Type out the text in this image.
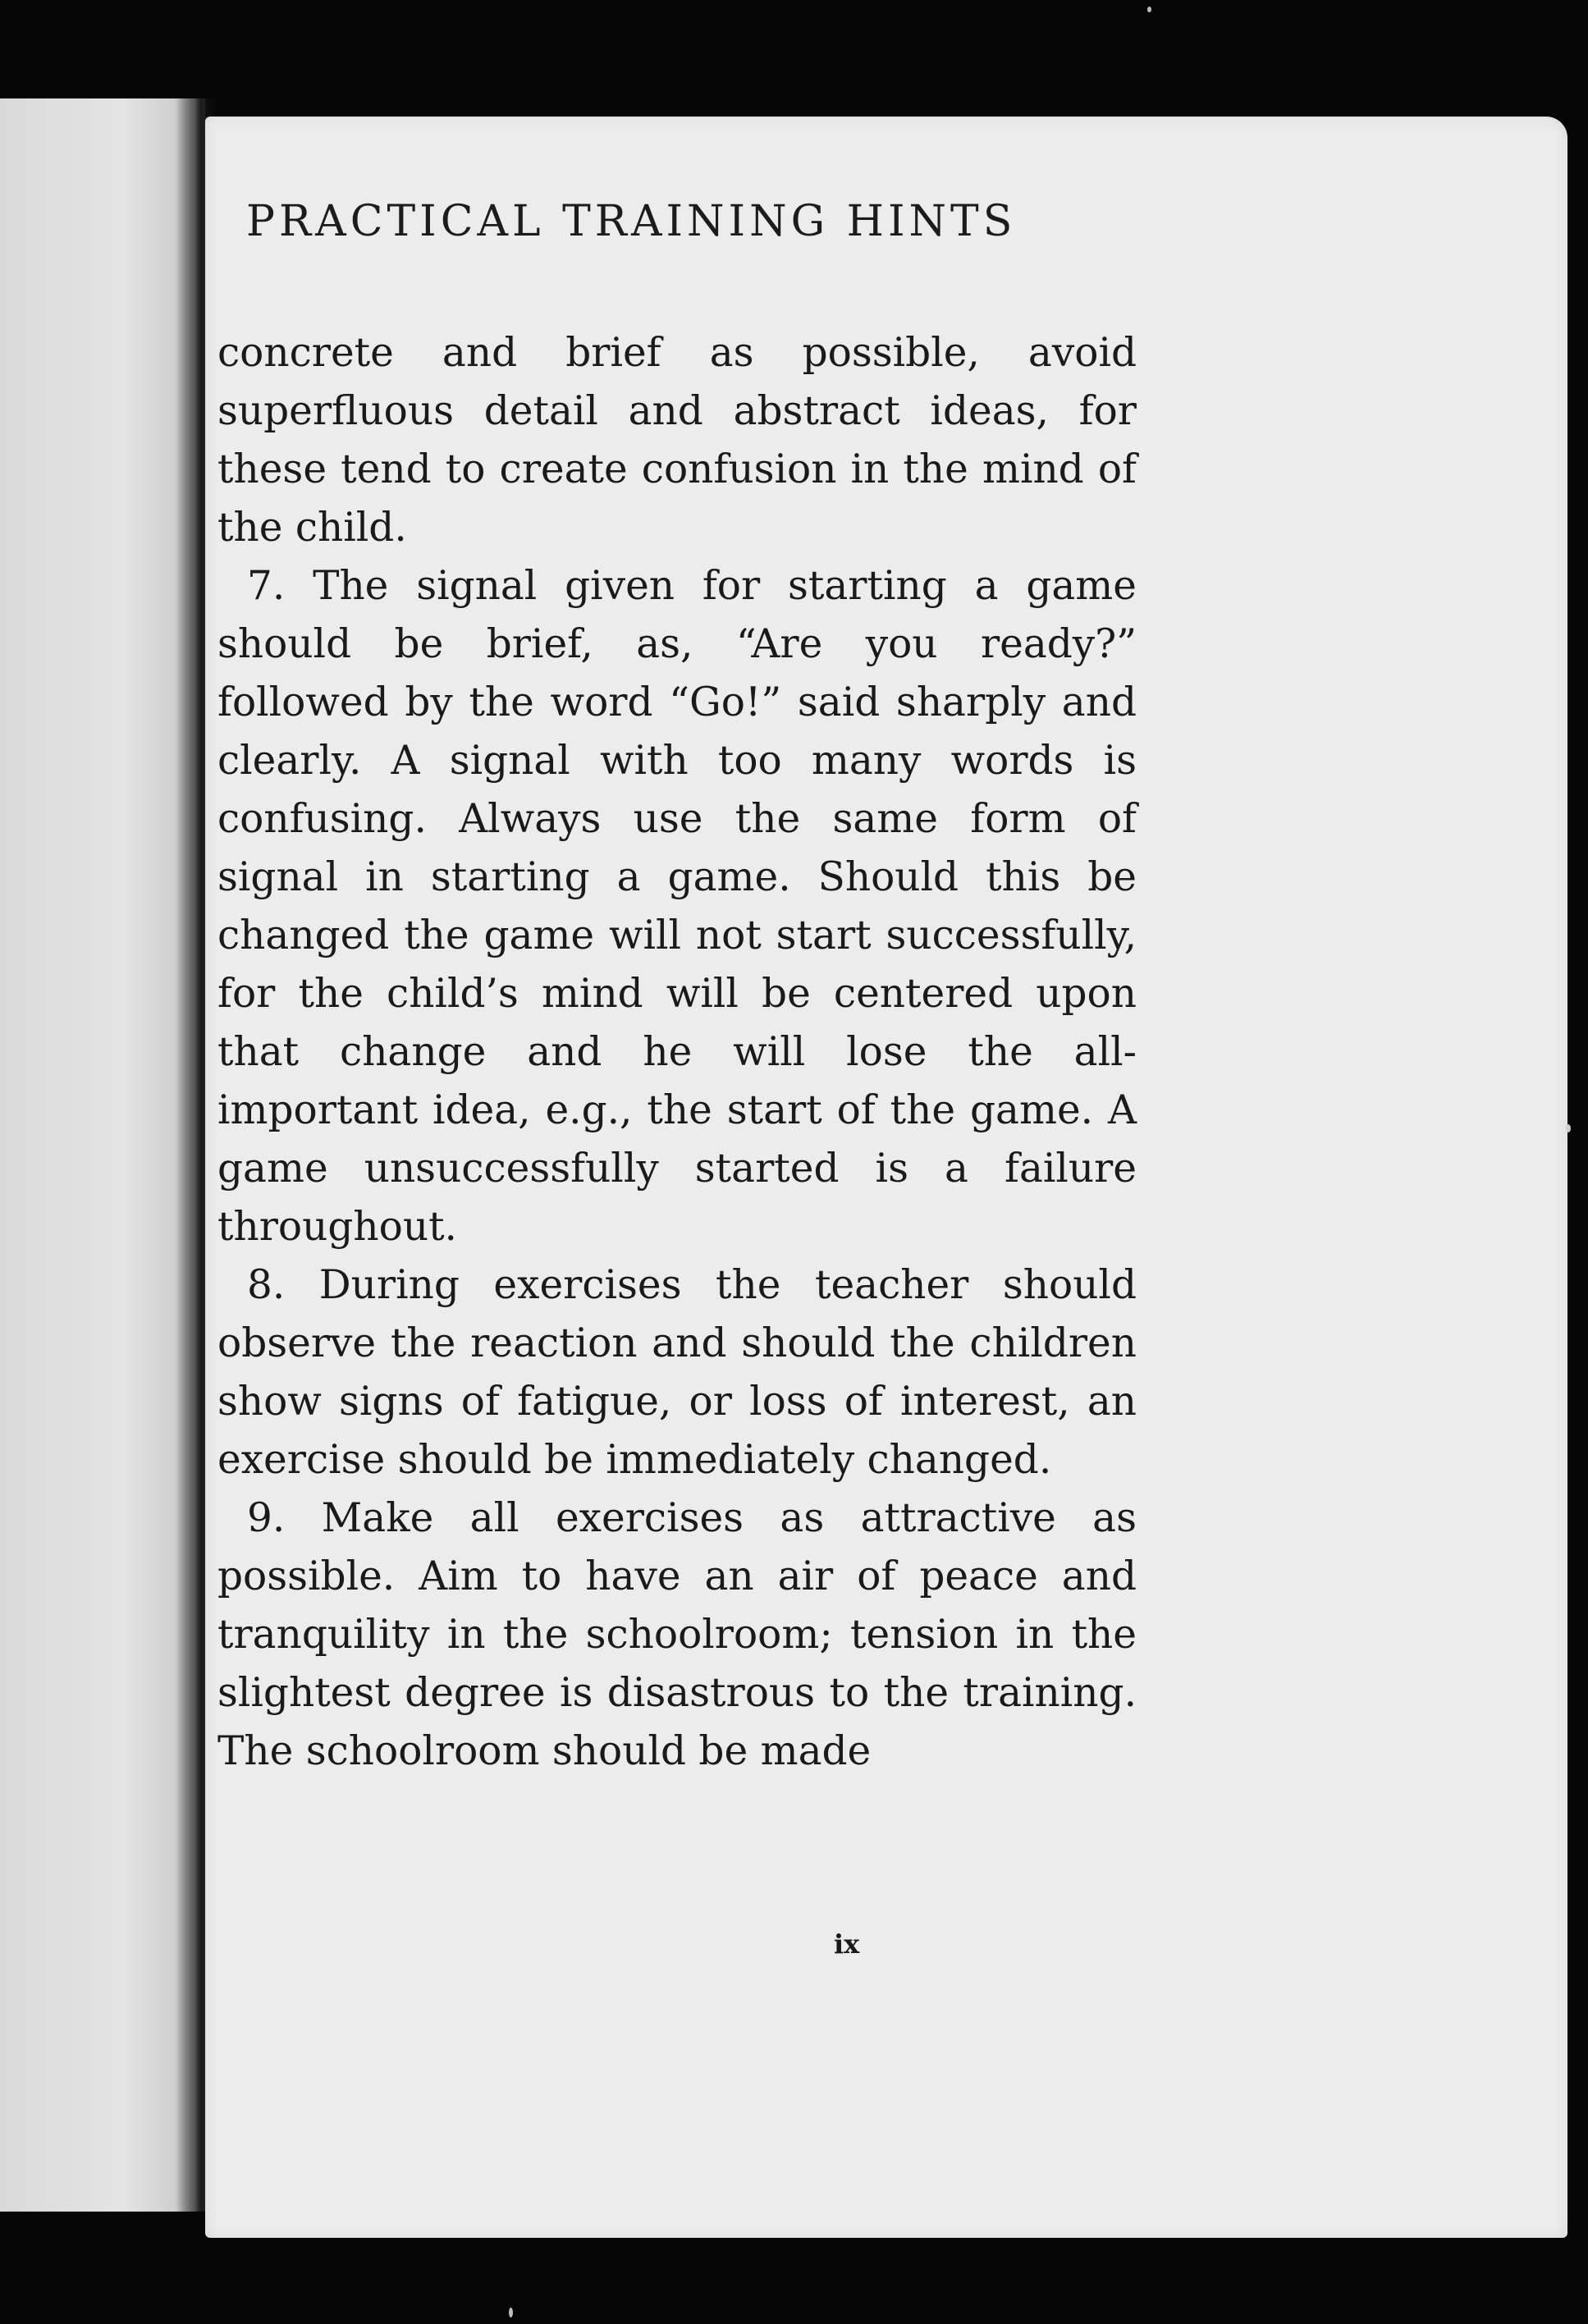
PRACTICAL TRAINING HINTS

concrete and brief as possible, avoid superfluous detail and abstract ideas, for these tend to create confusion in the mind of the child.

7. The signal given for starting a game should be brief, as, “Are you ready?” followed by the word “Go!” said sharply and clearly. A signal with too many words is confusing. Always use the same form of signal in starting a game. Should this be changed the game will not start successfully, for the child’s mind will be centered upon that change and he will lose the all-important idea, e.g., the start of the game. A game unsuccessfully started is a failure throughout.

8. During exercises the teacher should observe the reaction and should the children show signs of fatigue, or loss of interest, an exercise should be immediately changed.

9. Make all exercises as attractive as possible. Aim to have an air of peace and tranquility in the schoolroom; tension in the slightest degree is disastrous to the training. The schoolroom should be made

ix
